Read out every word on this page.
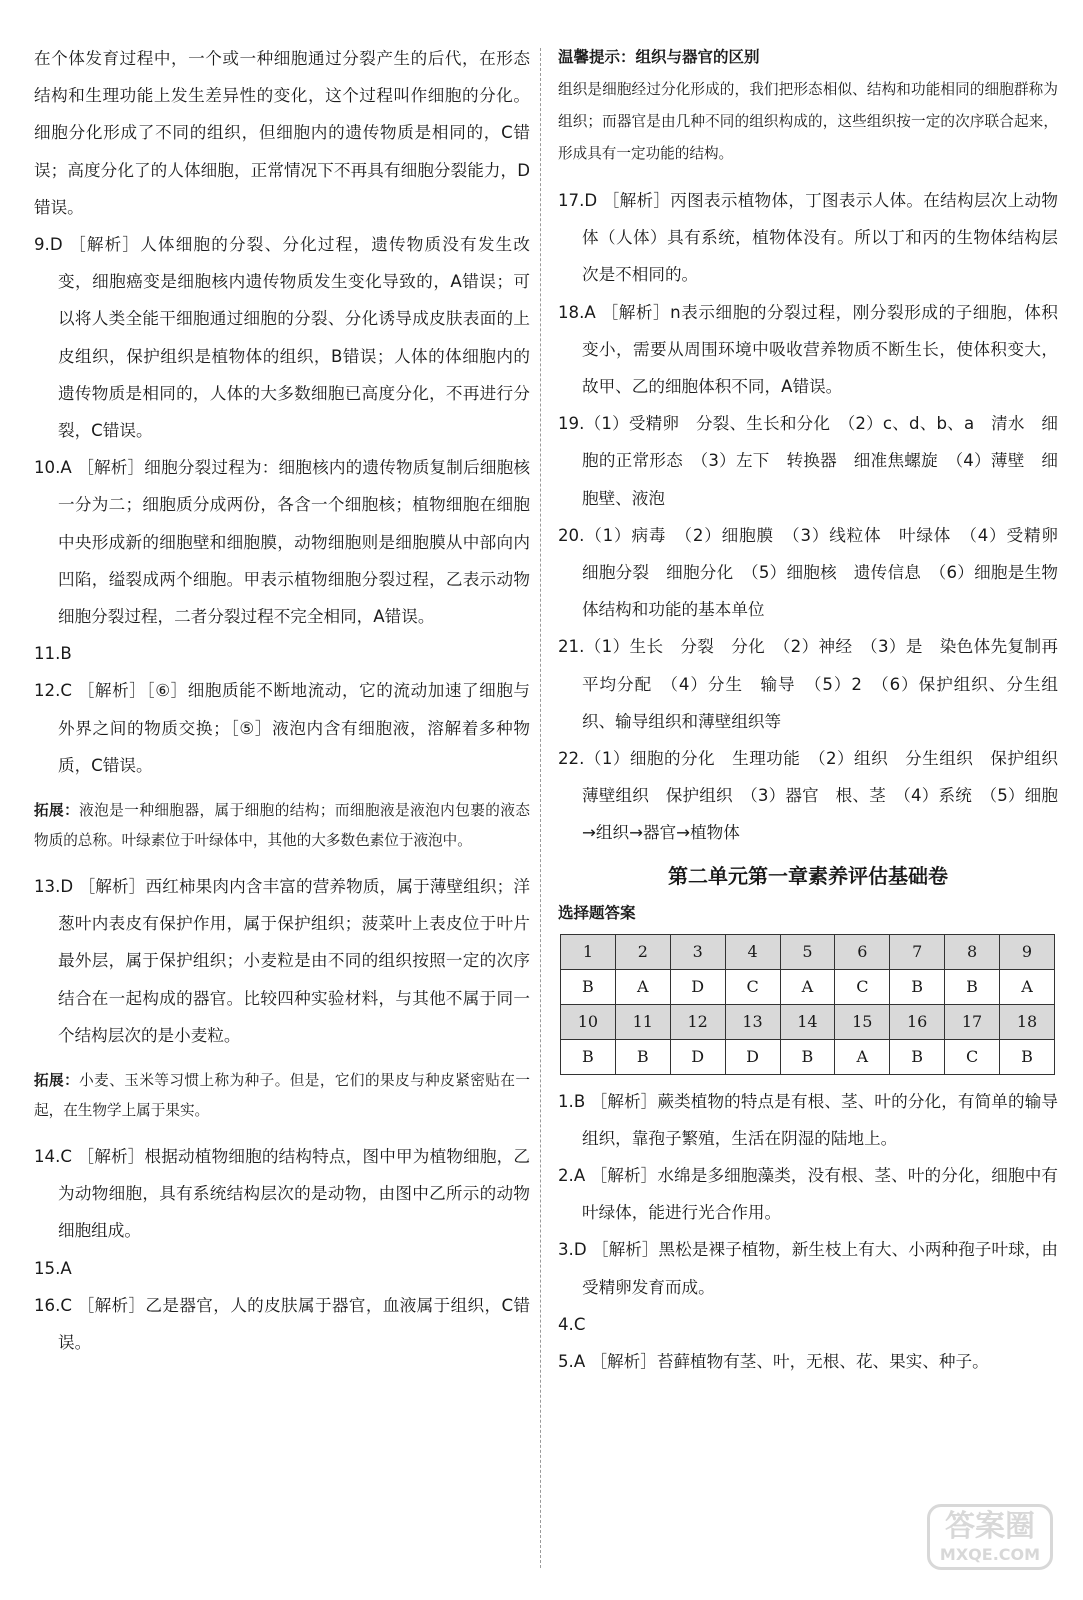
在个体发育过程中，一个或一种细胞通过分裂产生的后代，在形态结构和生理功能上发生差异性的变化，这个过程叫作细胞的分化。细胞分化形成了不同的组织，但细胞内的遗传物质是相同的，C错误；高度分化了的人体细胞，正常情况下不再具有细胞分裂能力，D错误。

9.D ［解析］人体细胞的分裂、分化过程，遗传物质没有发生改变，细胞癌变是细胞核内遗传物质发生变化导致的，A错误；可以将人类全能干细胞通过细胞的分裂、分化诱导成皮肤表面的上皮组织，保护组织是植物体的组织，B错误；人体的体细胞内的遗传物质是相同的，人体的大多数细胞已高度分化，不再进行分裂，C错误。

10.A ［解析］细胞分裂过程为：细胞核内的遗传物质复制后细胞核一分为二；细胞质分成两份，各含一个细胞核；植物细胞在细胞中央形成新的细胞壁和细胞膜，动物细胞则是细胞膜从中部向内凹陷，缢裂成两个细胞。甲表示植物细胞分裂过程，乙表示动物细胞分裂过程，二者分裂过程不完全相同，A错误。

11.B

12.C ［解析］［⑥］细胞质能不断地流动，它的流动加速了细胞与外界之间的物质交换；［⑤］液泡内含有细胞液，溶解着多种物质，C错误。

拓展：液泡是一种细胞器，属于细胞的结构；而细胞液是液泡内包裹的液态物质的总称。叶绿素位于叶绿体中，其他的大多数色素位于液泡中。

13.D ［解析］西红柿果肉内含丰富的营养物质，属于薄壁组织；洋葱叶内表皮有保护作用，属于保护组织；菠菜叶上表皮位于叶片最外层，属于保护组织；小麦粒是由不同的组织按照一定的次序结合在一起构成的器官。比较四种实验材料，与其他不属于同一个结构层次的是小麦粒。

拓展：小麦、玉米等习惯上称为种子。但是，它们的果皮与种皮紧密贴在一起，在生物学上属于果实。

14.C ［解析］根据动植物细胞的结构特点，图中甲为植物细胞，乙为动物细胞，具有系统结构层次的是动物，由图中乙所示的动物细胞组成。

15.A

16.C ［解析］乙是器官，人的皮肤属于器官，血液属于组织，C错误。

温馨提示：组织与器官的区别

组织是细胞经过分化形成的，我们把形态相似、结构和功能相同的细胞群称为组织；而器官是由几种不同的组织构成的，这些组织按一定的次序联合起来，形成具有一定功能的结构。

17.D ［解析］丙图表示植物体，丁图表示人体。在结构层次上动物体（人体）具有系统，植物体没有。所以丁和丙的生物体结构层次是不相同的。

18.A ［解析］n表示细胞的分裂过程，刚分裂形成的子细胞，体积变小，需要从周围环境中吸收营养物质不断生长，使体积变大，故甲、乙的细胞体积不同，A错误。

19.（1）受精卵　分裂、生长和分化　（2）c、d、b、a　清水　细胞的正常形态　（3）左下　转换器　细准焦螺旋　（4）薄壁　细胞壁、液泡

20.（1）病毒　（2）细胞膜　（3）线粒体　叶绿体　（4）受精卵　细胞分裂　细胞分化　（5）细胞核　遗传信息　（6）细胞是生物体结构和功能的基本单位

21.（1）生长　分裂　分化　（2）神经　（3）是　染色体先复制再平均分配　（4）分生　输导　（5）2　（6）保护组织、分生组织、输导组织和薄壁组织等

22.（1）细胞的分化　生理功能　（2）组织　分生组织　保护组织　薄壁组织　保护组织　（3）器官　根、茎　（4）系统　（5）细胞→组织→器官→植物体

第二单元第一章素养评估基础卷

选择题答案

1	2	3	4	5	6	7	8	9
B	A	D	C	A	C	B	B	A
10	11	12	13	14	15	16	17	18
B	B	D	D	B	A	B	C	B

1.B ［解析］蕨类植物的特点是有根、茎、叶的分化，有简单的输导组织，靠孢子繁殖，生活在阴湿的陆地上。

2.A ［解析］水绵是多细胞藻类，没有根、茎、叶的分化，细胞中有叶绿体，能进行光合作用。

3.D ［解析］黑松是裸子植物，新生枝上有大、小两种孢子叶球，由受精卵发育而成。

4.C

5.A ［解析］苔藓植物有茎、叶，无根、花、果实、种子。

答案圈
MXQE.COM
